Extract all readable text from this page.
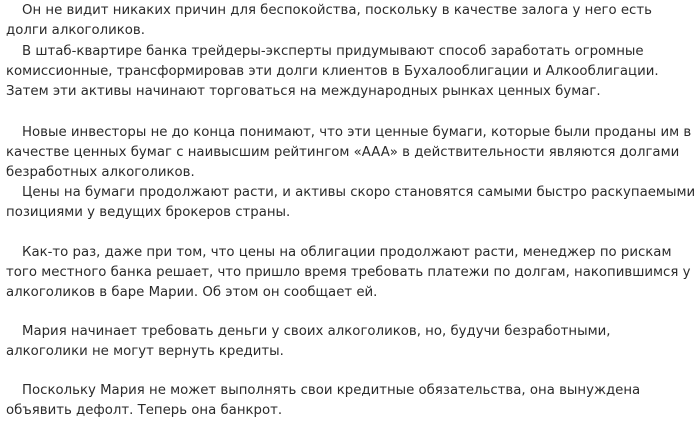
Он не видит никаких причин для беспокойства, поскольку в качестве залога у него есть долги алкоголиков.

В штаб-квартире банка трейдеры-эксперты придумывают способ заработать огромные комиссионные, трансформировав эти долги клиентов в Бухалооблигации и Алкооблигации. Затем эти активы начинают торговаться на международных рынках ценных бумаг.

Новые инвесторы не до конца понимают, что эти ценные бумаги, которые были проданы им в качестве ценных бумаг с наивысшим рейтингом «AAA» в действительности являются долгами безработных алкоголиков.

Цены на бумаги продолжают расти, и активы скоро становятся самыми быстро раскупаемыми позициями у ведущих брокеров страны.

Как-то раз, даже при том, что цены на облигации продолжают расти, менеджер по рискам того местного банка решает, что пришло время требовать платежи по долгам, накопившимся у алкоголиков в баре Марии. Об этом он сообщает ей.

Мария начинает требовать деньги у своих алкоголиков, но, будучи безработными, алкоголики не могут вернуть кредиты.

Поскольку Мария не может выполнять свои кредитные обязательства, она вынуждена объявить дефолт. Теперь она банкрот.
